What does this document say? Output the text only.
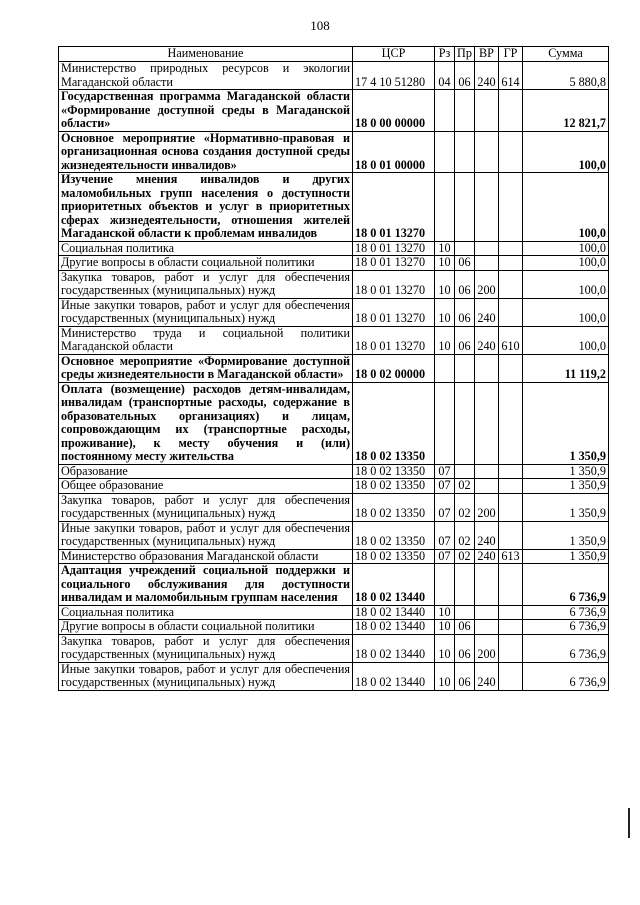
108
Наименование	ЦСР	Рз	Пр	ВР	ГР	Сумма
Министерство природных ресурсов и экологии Магаданской области	17 4 10 51280	04	06	240	614	5 880,8
Государственная программа Магаданской области «Формирование доступной среды в Магаданской области»	18 0 00 00000					12 821,7
Основное мероприятие «Нормативно-правовая и организационная основа создания доступной среды жизнедеятельности инвалидов»	18 0 01 00000					100,0
Изучение мнения инвалидов и других маломобильных групп населения о доступности приоритетных объектов и услуг в приоритетных сферах жизнедеятельности, отношения жителей Магаданской области к проблемам инвалидов	18 0 01 13270					100,0
Социальная политика	18 0 01 13270	10				100,0
Другие вопросы в области социальной политики	18 0 01 13270	10	06			100,0
Закупка товаров, работ и услуг для обеспечения государственных (муниципальных) нужд	18 0 01 13270	10	06	200		100,0
Иные закупки товаров, работ и услуг для обеспечения государственных (муниципальных) нужд	18 0 01 13270	10	06	240		100,0
Министерство труда и социальной политики Магаданской области	18 0 01 13270	10	06	240	610	100,0
Основное мероприятие «Формирование доступной среды жизнедеятельности в Магаданской области»	18 0 02 00000					11 119,2
Оплата (возмещение) расходов детям-инвалидам, инвалидам (транспортные расходы, содержание в образовательных организациях) и лицам, сопровождающим их (транспортные расходы, проживание), к месту обучения и (или) постоянному месту жительства	18 0 02 13350					1 350,9
Образование	18 0 02 13350	07				1 350,9
Общее образование	18 0 02 13350	07	02			1 350,9
Закупка товаров, работ и услуг для обеспечения государственных (муниципальных) нужд	18 0 02 13350	07	02	200		1 350,9
Иные закупки товаров, работ и услуг для обеспечения государственных (муниципальных) нужд	18 0 02 13350	07	02	240		1 350,9
Министерство образования Магаданской области	18 0 02 13350	07	02	240	613	1 350,9
Адаптация учреждений социальной поддержки и социального обслуживания для доступности инвалидам и маломобильным группам населения	18 0 02 13440					6 736,9
Социальная политика	18 0 02 13440	10				6 736,9
Другие вопросы в области социальной политики	18 0 02 13440	10	06			6 736,9
Закупка товаров, работ и услуг для обеспечения государственных (муниципальных) нужд	18 0 02 13440	10	06	200		6 736,9
Иные закупки товаров, работ и услуг для обеспечения государственных (муниципальных) нужд	18 0 02 13440	10	06	240		6 736,9
